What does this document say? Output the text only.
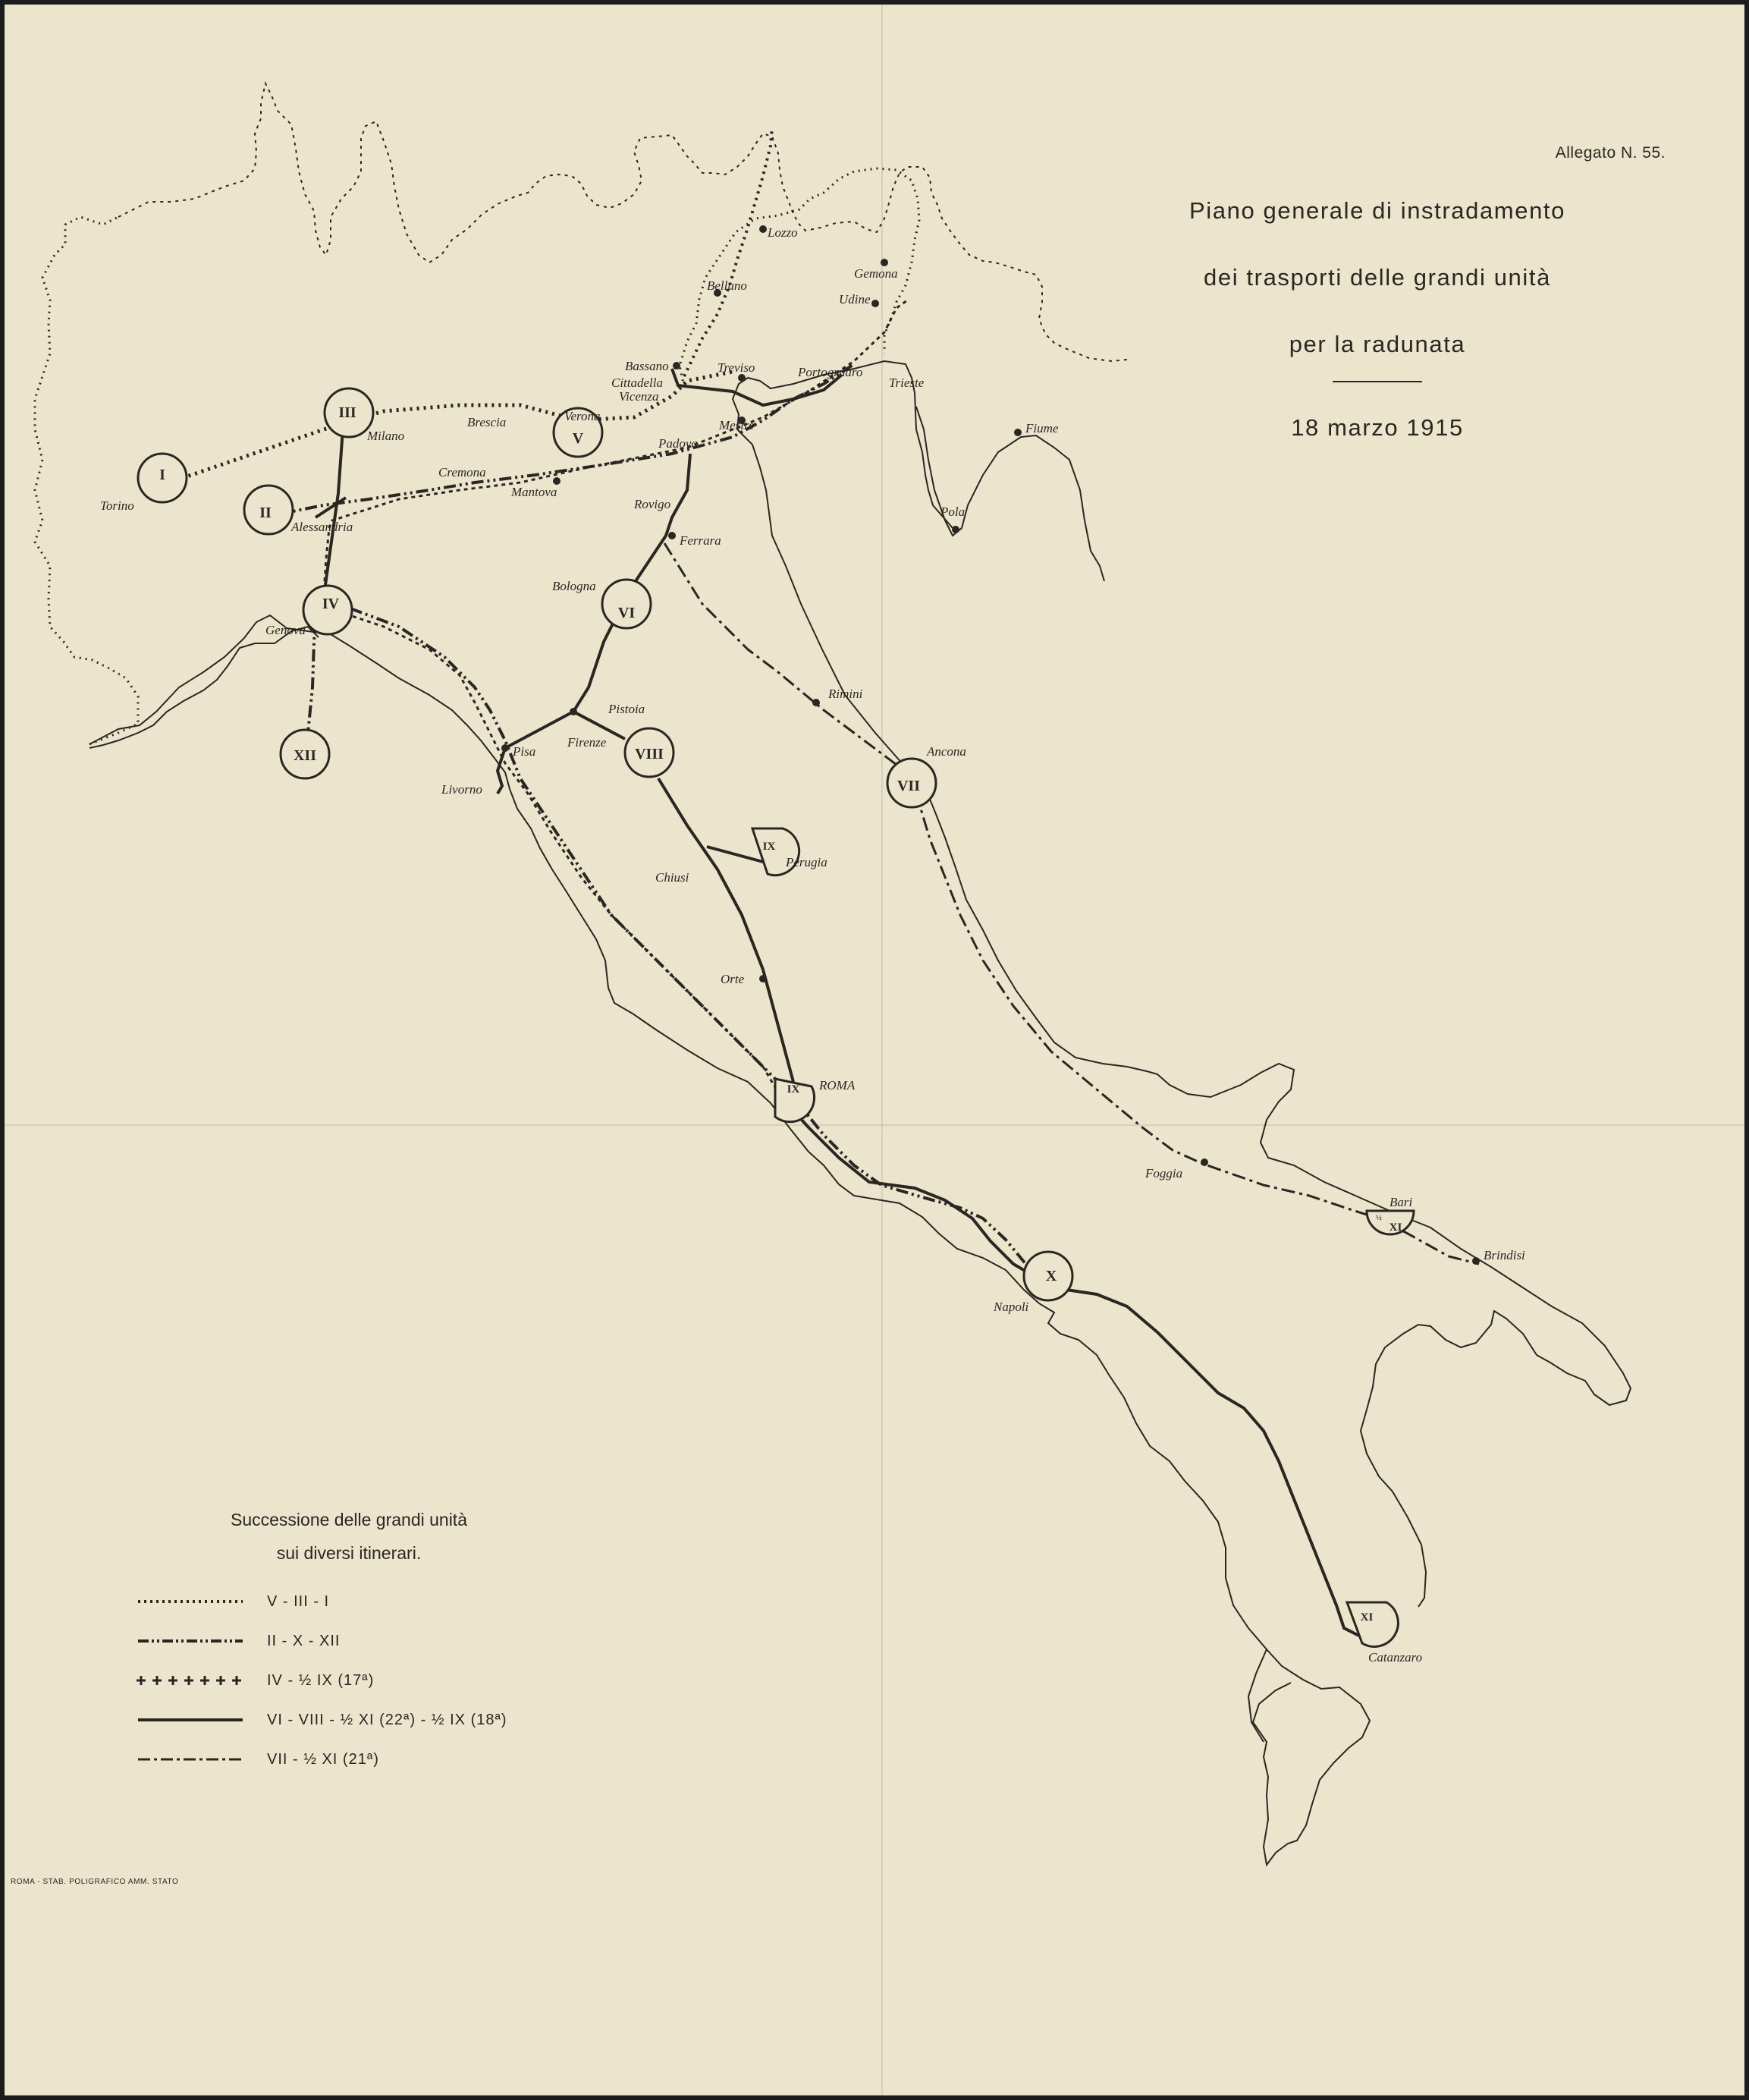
I
II
III
IV
V
VI
VII
VIII
X
XII
IX
IX
XI
½
XI
Torino
Milano
Alessandria
Genova
Brescia	Verona
Cremona
Mantova
Vicenza
Cittadella
Bassano	Treviso	Portogruaro
Belluno
Lozzo
Gemona
Udine
Trieste
Fiume
Pola
Mestre
Padova
Rovigo
Ferrara
Bologna
Pistoia
Firenze
Pisa
Livorno
Rimini
Ancona
Perugia
Chiusi
Orte
ROMA
Napoli
Foggia
Bari
Brindisi
Catanzaro
Allegato N. 55.
Piano generale di instradamento
dei trasporti delle grandi unità
per la radunata
18 marzo 1915
Successione delle grandi unità
sui diversi itinerari.
V - III - I
II - X - XII
IV - ½ IX (17ª)
VI - VIII - ½ XI (22ª) - ½ IX (18ª)
VII - ½ XI (21ª)
ROMA - STAB. POLIGRAFICO AMM. STATO
